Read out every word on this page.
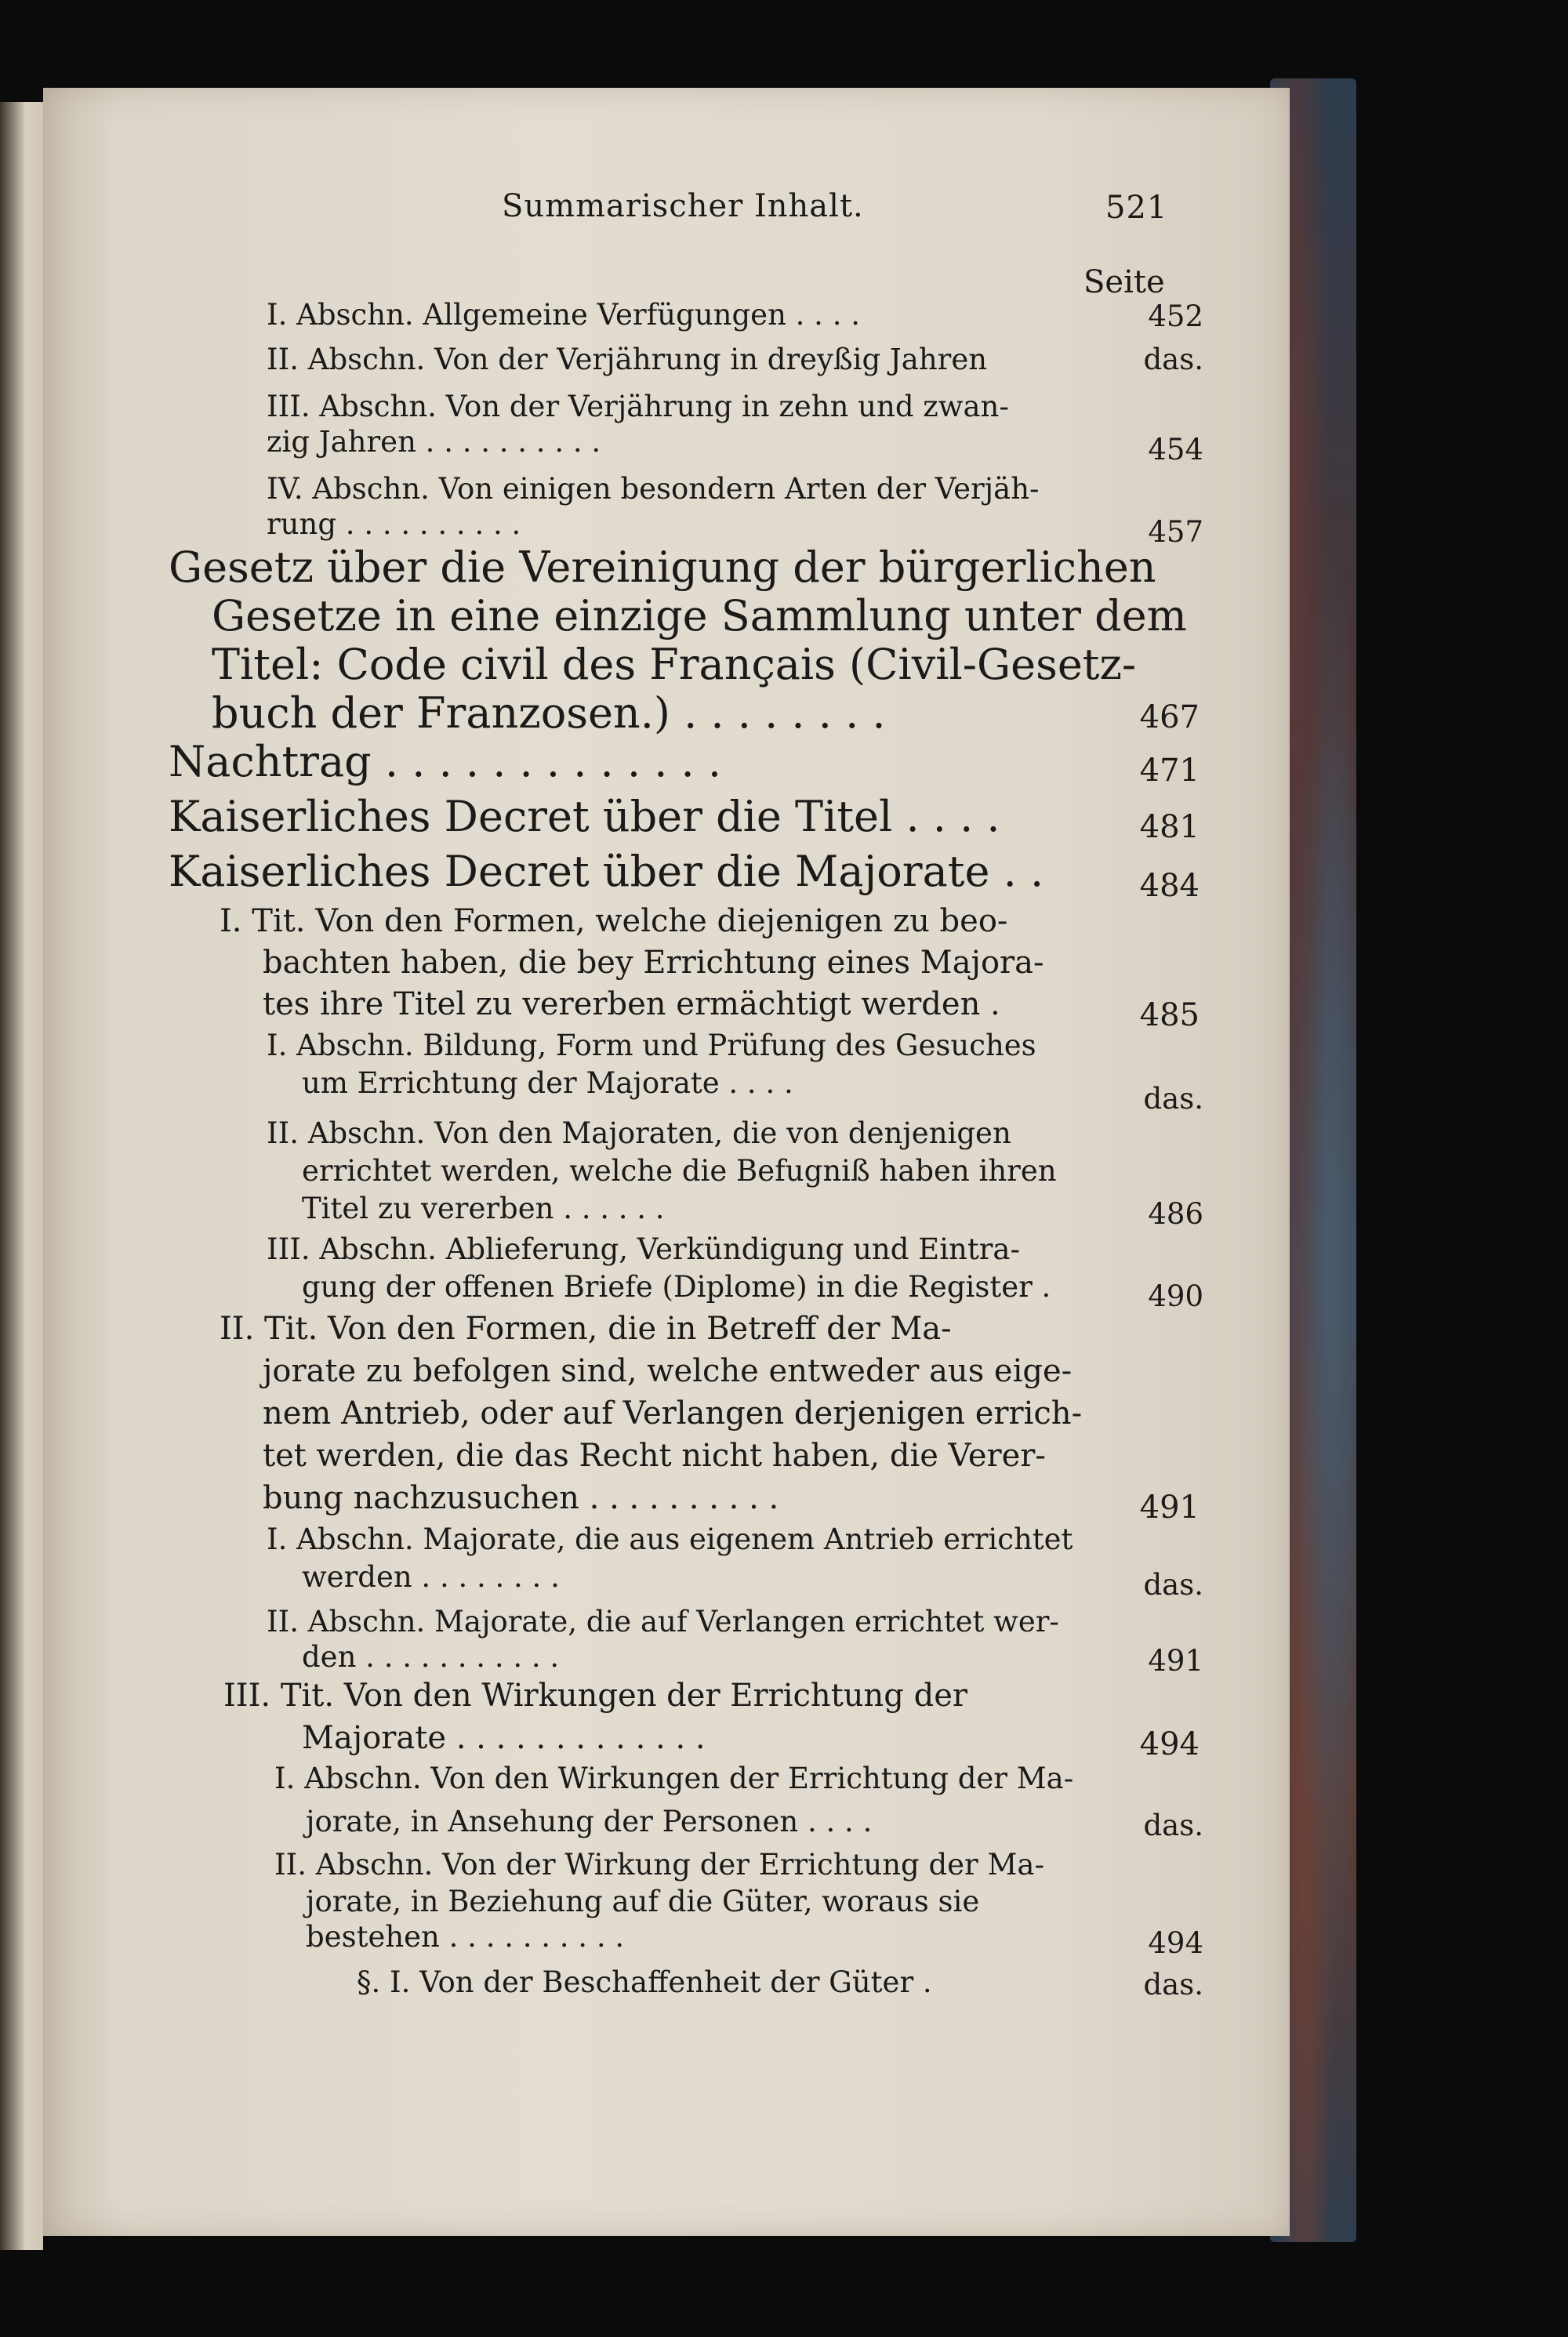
Summarischer Inhalt.	521
Seite
I. Abschn. Allgemeine Verfügungen . . . .	452
II. Abschn. Von der Verjährung in dreyßig Jahren	das.
III. Abschn. Von der Verjährung in zehn und zwan-
zig Jahren . . . . . . . . . .	454
IV. Abschn. Von einigen besondern Arten der Verjäh-
rung . . . . . . . . . .	457
Gesetz über die Vereinigung der bürgerlichen
Gesetze in eine einzige Sammlung unter dem
Titel: Code civil des Français (Civil-Gesetz-
buch der Franzosen.) . . . . . . . .	467
Nachtrag . . . . . . . . . . . . .	471
Kaiserliches Decret über die Titel . . . .	481
Kaiserliches Decret über die Majorate . .	484
I. Tit. Von den Formen, welche diejenigen zu beo-
bachten haben, die bey Errichtung eines Majora-
tes ihre Titel zu vererben ermächtigt werden .	485
I. Abschn. Bildung, Form und Prüfung des Gesuches
um Errichtung der Majorate . . . .	das.
II. Abschn. Von den Majoraten, die von denjenigen
errichtet werden, welche die Befugniß haben ihren
Titel zu vererben . . . . . .	486
III. Abschn. Ablieferung, Verkündigung und Eintra-
gung der offenen Briefe (Diplome) in die Register .	490
II. Tit. Von den Formen, die in Betreff der Ma-
jorate zu befolgen sind, welche entweder aus eige-
nem Antrieb, oder auf Verlangen derjenigen errich-
tet werden, die das Recht nicht haben, die Verer-
bung nachzusuchen . . . . . . . . . .	491
I. Abschn. Majorate, die aus eigenem Antrieb errichtet
werden . . . . . . . .	das.
II. Abschn. Majorate, die auf Verlangen errichtet wer-
den . . . . . . . . . . .	491
III. Tit. Von den Wirkungen der Errichtung der
Majorate . . . . . . . . . . . . .	494
I. Abschn. Von den Wirkungen der Errichtung der Ma-
jorate, in Ansehung der Personen . . . .	das.
II. Abschn. Von der Wirkung der Errichtung der Ma-
jorate, in Beziehung auf die Güter, woraus sie
bestehen . . . . . . . . . .	494
§. I. Von der Beschaffenheit der Güter .	das.
